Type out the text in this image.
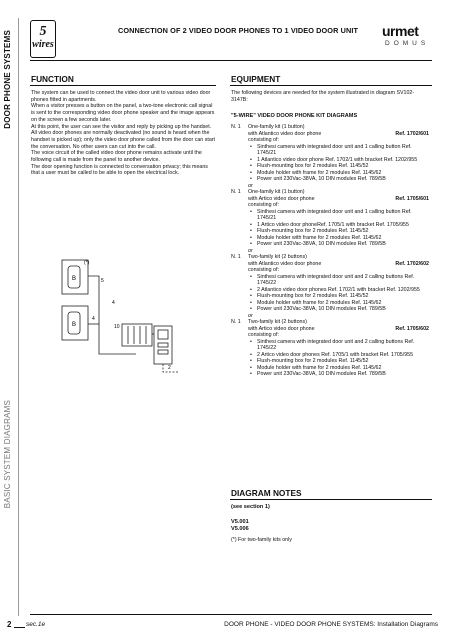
DOOR PHONE SYSTEMS
BASIC SYSTEM DIAGRAMS
5
wires
CONNECTION OF 2 VIDEO DOOR PHONES TO 1 VIDEO DOOR UNIT urmet
DOMUS
FUNCTION

The system can be used to connect the video door unit to various video door phones fitted in apartments.

When a visitor presses a button on the panel, a two-tone electronic call signal is sent to the corresponding video door phone speaker and the image appears on the screen a few seconds later.

At this point, the user can see the visitor and reply by picking up the handset.

All video door phones are normally deactivated (no sound is heard when the handset is picked up); only the video door phone called from the door can start the conversation. No other users can cut into the call.

The voice circuit of the called video door phone remains activate until the following call is made from the panel to another device.

The door opening function is connected to conversation privacy; this means that a user must be called to be able to open the electrical lock.

(*)
B
B
5
4
4
10
2
EQUIPMENT

The following devices are needed for the system illustrated in diagram SV102-3147B:

"5-WIRE" VIDEO DOOR PHONE KIT DIAGRAMS
N. 1	One-family kit (1 button)
Ref. 1702/601
with Atlantico video door phone
consisting of:
• Sinthesi camera with integrated door unit and 1 calling button Ref. 1745/21
• 1 Atlantico video door phone Ref. 1702/1 with bracket Ref. 1202/955
• Flush-mounting box for 2 modules Ref. 1145/52
• Module holder with frame for 2 modules Ref. 1145/62
• Power unit 230Vac-38VA, 10 DIN modules Ref. 789/5B
or
N. 1	One-family kit (1 button)
Ref. 1705/601
with Artico video door phone
consisting of:
• Sinthesi camera with integrated door unit and 1 calling button Ref. 1745/21
• 1 Artico video door phoneRef. 1705/1 with bracket Ref. 1705/955
• Flush-mounting box for 2 modules Ref. 1145/52
• Module holder with frame for 2 modules Ref. 1145/62
• Power unit 230Vac-38VA, 10 DIN modules Ref. 789/5B
or
N. 1	Two-family kit (2 buttons)
Ref. 1702/602
with Atlantico video door phone
consisting of:
• Sinthesi camera with integrated door unit and 2 calling buttons Ref. 1745/22
• 2 Atlantico video door phones Ref. 1702/1 with bracket Ref. 1202/955
• Flush-mounting box for 2 modules Ref. 1145/52
• Module holder with frame for 2 modules Ref. 1145/62
• Power unit 230Vac-38VA, 10 DIN modules Ref. 789/5B
or
N. 1	Two-family kit (2 buttons)
Ref. 1705/602
with Artico video door phone
consisting of:
• Sinthesi camera with integrated door unit and 2 calling buttons Ref. 1745/22
• 2 Artico video door phones Ref. 1705/1 with bracket Ref. 1705/955
• Flush-mounting box for 2 modules Ref. 1145/52
• Module holder with frame for 2 modules Ref. 1145/62
• Power unit 230Vac-38VA, 10 DIN modules Ref. 789/5B
DIAGRAM NOTES
(see section 1)
V5.001
V5.006
(*) For two-family kits only
2 sec.1e	DOOR PHONE - VIDEO DOOR PHONE SYSTEMS: Installation Diagrams
